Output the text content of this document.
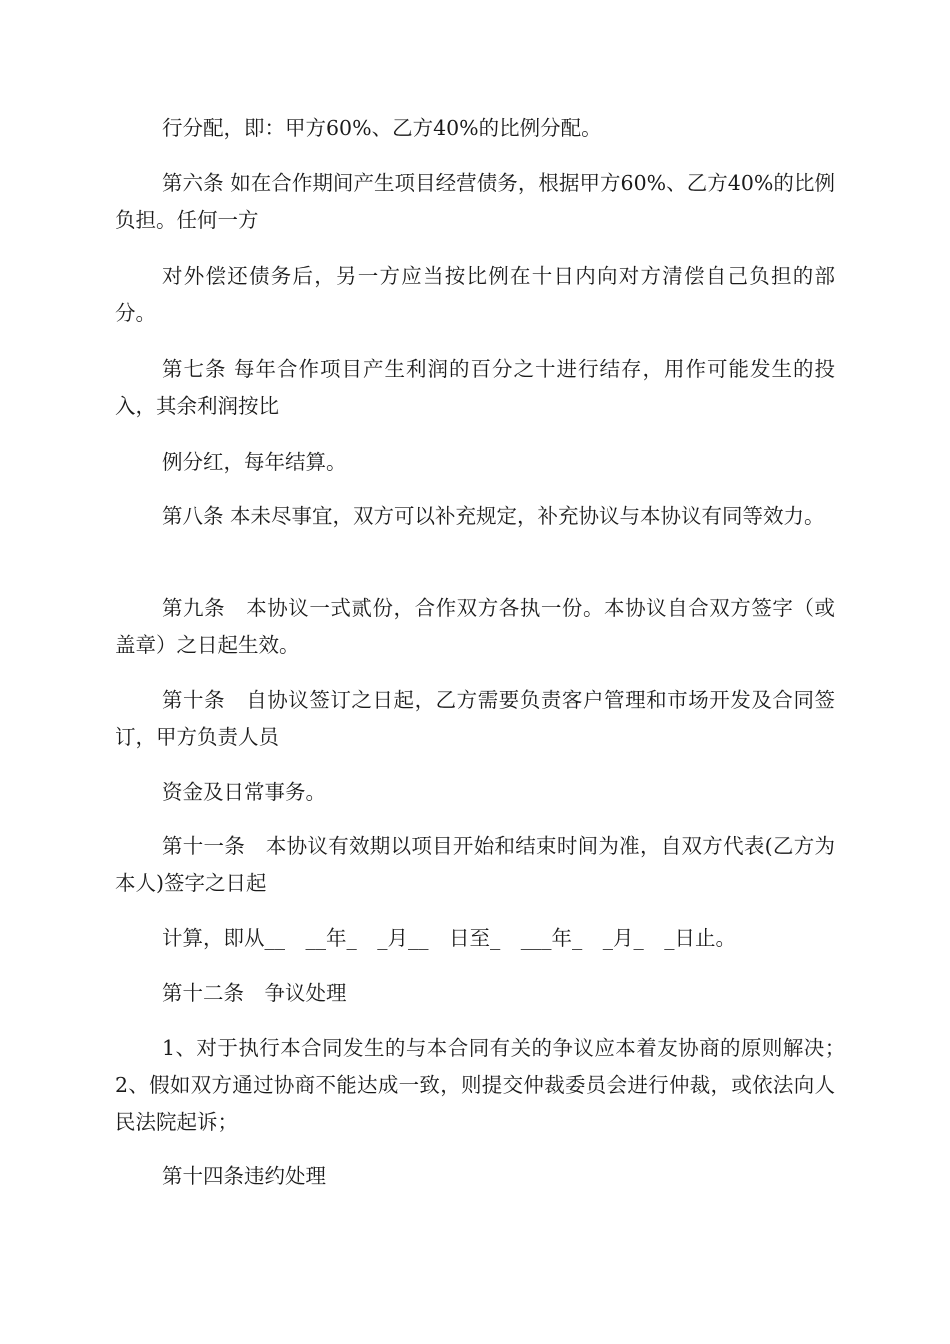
行分配，即：甲方60%、乙方40%的比例分配。

第六条 如在合作期间产生项目经营债务，根据甲方60%、乙方40%的比例负担。任何一方

对外偿还债务后，另一方应当按比例在十日内向对方清偿自己负担的部分。

第七条 每年合作项目产生利润的百分之十进行结存，用作可能发生的投入，其余利润按比

例分红，每年结算。

第八条 本未尽事宜，双方可以补充规定，补充协议与本协议有同等效力。

第九条　本协议一式贰份，合作双方各执一份。本协议自合双方签字（或盖章）之日起生效。

第十条　自协议签订之日起，乙方需要负责客户管理和市场开发及合同签订，甲方负责人员

资金及日常事务。

第十一条　本协议有效期以项目开始和结束时间为准，自双方代表(乙方为本人)签字之日起

计算，即从__　__年_　_月__　日至_　___年_　_月_　_日止。

第十二条　争议处理

1、对于执行本合同发生的与本合同有关的争议应本着友协商的原则解决；　2、假如双方通过协商不能达成一致，则提交仲裁委员会进行仲裁，或依法向人民法院起诉；

第十四条违约处理
